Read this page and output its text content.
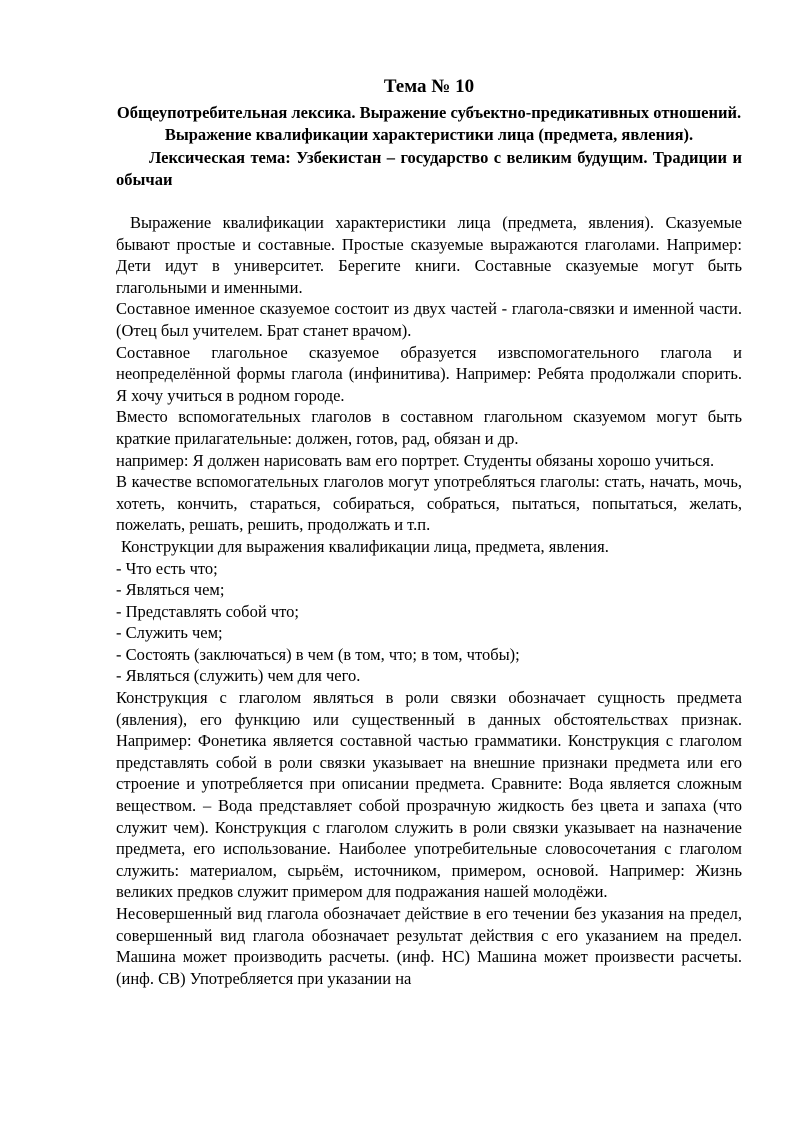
Тема № 10
Общеупотребительная лексика. Выражение субъектно-предикативных отношений. Выражение квалификации характеристики лица (предмета, явления).
Лексическая тема: Узбекистан – государство с великим будущим. Традиции и обычаи

Выражение квалификации характеристики лица (предмета, явления). Сказуемые бывают простые и составные. Простые сказуемые выражаются глаголами. Например: Дети идут в университет. Берегите книги. Составные сказуемые могут быть глагольными и именными.

Составное именное сказуемое состоит из двух частей - глагола-связки и именной части. (Отец был учителем. Брат станет врачом).

Составное глагольное сказуемое образуется извспомогательного глагола и неопределённой формы глагола (инфинитива). Например: Ребята продолжали спорить. Я хочу учиться в родном городе.

Вместо вспомогательных глаголов в составном глагольном сказуемом могут быть краткие прилагательные: должен, готов, рад, обязан и др.

например: Я должен нарисовать вам его портрет. Студенты обязаны хорошо учиться.

В качестве вспомогательных глаголов могут употребляться глаголы: стать, начать, мочь, хотеть, кончить, стараться, собираться, собраться, пытаться, попытаться, желать, пожелать, решать, решить, продолжать и т.п.

Конструкции для выражения квалификации лица, предмета, явления.

- Что есть что;

- Являться чем;

- Представлять собой что;

- Служить чем;

- Состоять (заключаться) в чем (в том, что; в том, чтобы);

- Являться (служить) чем для чего.

Конструкция с глаголом являться в роли связки обозначает сущность предмета (явления), его функцию или существенный в данных обстоятельствах признак. Например: Фонетика является составной частью грамматики. Конструкция с глаголом представлять собой в роли связки указывает на внешние признаки предмета или его строение и употребляется при описании предмета. Сравните: Вода является сложным веществом. – Вода представляет собой прозрачную жидкость без цвета и запаха (что служит чем). Конструкция с глаголом служить в роли связки указывает на назначение предмета, его использование. Наиболее употребительные словосочетания с глаголом служить: материалом, сырьём, источником, примером, основой. Например: Жизнь великих предков служит примером для подражания нашей молодёжи.

Несовершенный вид глагола обозначает действие в его течении без указания на предел, совершенный вид глагола обозначает результат действия с его указанием на предел. Машина может производить расчеты. (инф. НС) Машина может произвести расчеты. (инф. СВ) Употребляется при указании на
